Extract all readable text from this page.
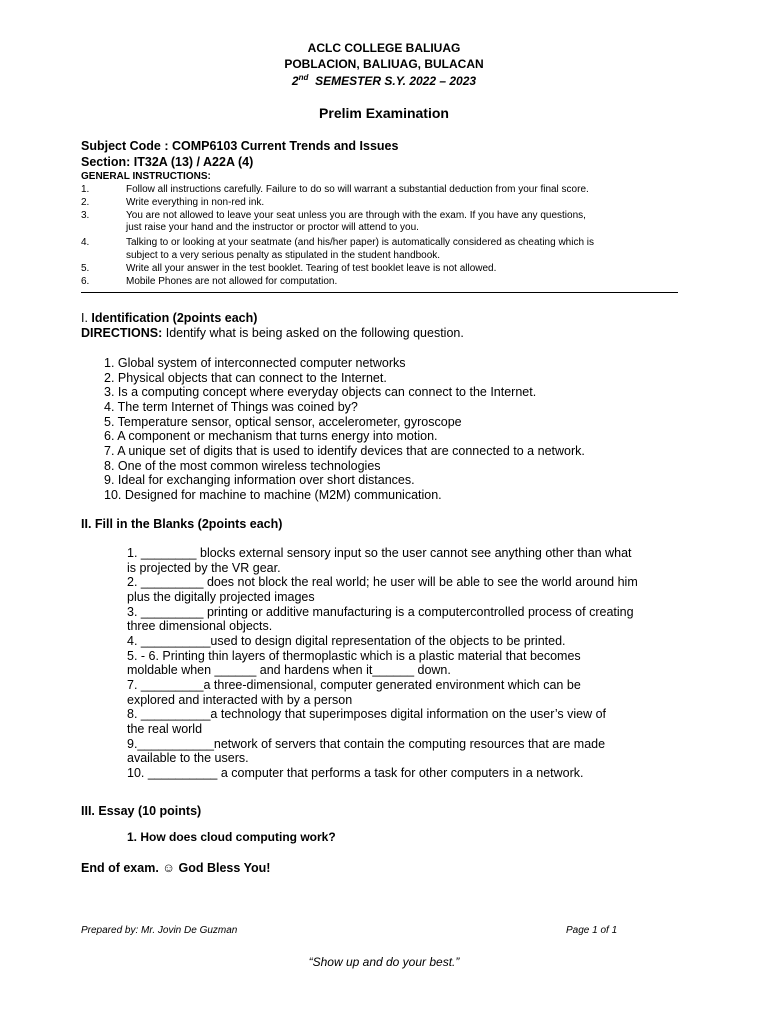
ACLC COLLEGE BALIUAG
POBLACION, BALIUAG, BULACAN
2nd SEMESTER S.Y. 2022 – 2023
Prelim Examination
Subject Code : COMP6103 Current Trends and Issues
Section: IT32A (13) / A22A (4)
GENERAL INSTRUCTIONS:
1.	Follow all instructions carefully. Failure to do so will warrant a substantial deduction from your final score.
2.	Write everything in non-red ink.
3.	You are not allowed to leave your seat unless you are through with the exam. If you have any questions,
just raise your hand and the instructor or proctor will attend to you.
4.	Talking to or looking at your seatmate (and his/her paper) is automatically considered as cheating which is
subject to a very serious penalty as stipulated in the student handbook.
5.	Write all your answer in the test booklet. Tearing of test booklet leave is not allowed.
6.	Mobile Phones are not allowed for computation.
I. Identification (2points each)
DIRECTIONS: Identify what is being asked on the following question.
1. Global system of interconnected computer networks
2. Physical objects that can connect to the Internet.
3. Is a computing concept where everyday objects can connect to the Internet.
4. The term Internet of Things was coined by?
5. Temperature sensor, optical sensor, accelerometer, gyroscope
6. A component or mechanism that turns energy into motion.
7. A unique set of digits that is used to identify devices that are connected to a network.
8. One of the most common wireless technologies
9. Ideal for exchanging information over short distances.
10. Designed for machine to machine (M2M) communication.
II. Fill in the Blanks (2points each)
1. ________ blocks external sensory input so the user cannot see anything other than what
is projected by the VR gear.
2. _________ does not block the real world; he user will be able to see the world around him
plus the digitally projected images
3. _________ printing or additive manufacturing is a computercontrolled process of creating
three dimensional objects.
4. __________used to design digital representation of the objects to be printed.
5. - 6. Printing thin layers of thermoplastic which is a plastic material that becomes
moldable when ______ and hardens when it______ down.
7. _________a three-dimensional, computer generated environment which can be
explored and interacted with by a person
8. __________a technology that superimposes digital information on the user’s view of
the real world
9.___________network of servers that contain the computing resources that are made
available to the users.
10. __________ a computer that performs a task for other computers in a network.
III. Essay (10 points)
1. How does cloud computing work?
End of exam. ☺ God Bless You!
Prepared by: Mr. Jovin De Guzman	Page 1 of 1
“Show up and do your best.”
